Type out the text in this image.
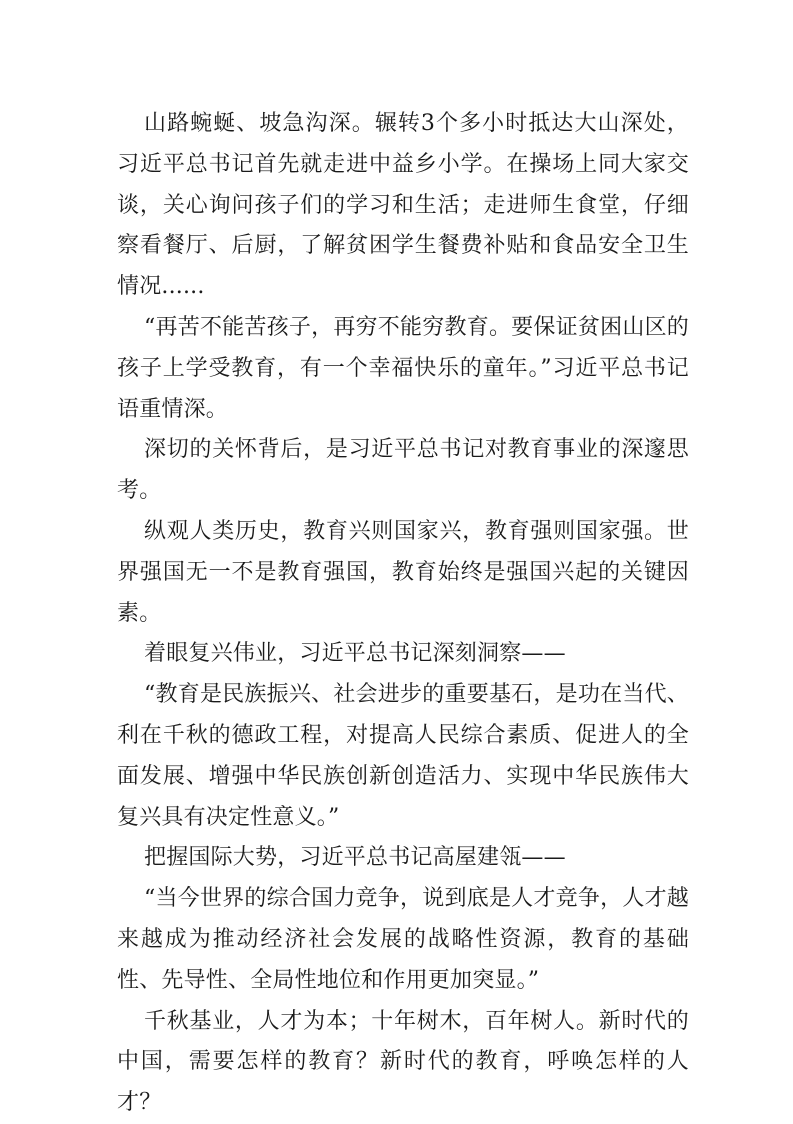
山路蜿蜒、坡急沟深。辗转3个多小时抵达大山深处，习近平总书记首先就走进中益乡小学。在操场上同大家交谈，关心询问孩子们的学习和生活；走进师生食堂，仔细察看餐厅、后厨，了解贫困学生餐费补贴和食品安全卫生情况......

“再苦不能苦孩子，再穷不能穷教育。要保证贫困山区的孩子上学受教育，有一个幸福快乐的童年。”习近平总书记语重情深。

深切的关怀背后，是习近平总书记对教育事业的深邃思考。

纵观人类历史，教育兴则国家兴，教育强则国家强。世界强国无一不是教育强国，教育始终是强国兴起的关键因素。

着眼复兴伟业，习近平总书记深刻洞察——

“教育是民族振兴、社会进步的重要基石，是功在当代、利在千秋的德政工程，对提高人民综合素质、促进人的全面发展、增强中华民族创新创造活力、实现中华民族伟大复兴具有决定性意义。”

把握国际大势，习近平总书记高屋建瓴——

“当今世界的综合国力竞争，说到底是人才竞争，人才越来越成为推动经济社会发展的战略性资源，教育的基础性、先导性、全局性地位和作用更加突显。”

千秋基业，人才为本；十年树木，百年树人。新时代的中国，需要怎样的教育？新时代的教育，呼唤怎样的人才？
